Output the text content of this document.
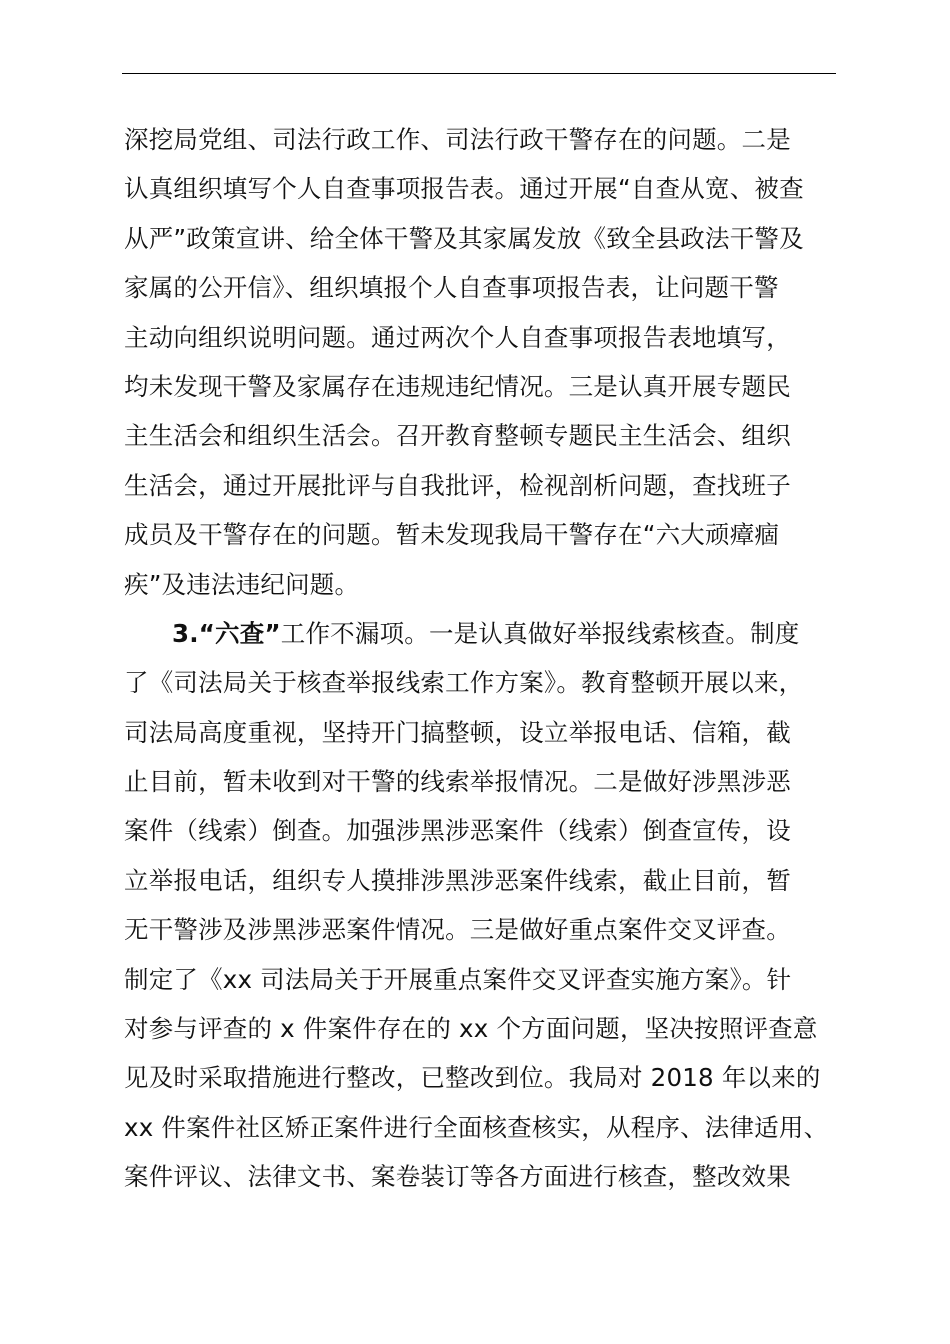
深挖局党组、司法行政工作、司法行政干警存在的问题。二是
认真组织填写个人自查事项报告表。通过开展“自查从宽、被查
从严”政策宣讲、给全体干警及其家属发放《致全县政法干警及
家属的公开信》、组织填报个人自查事项报告表，让问题干警
主动向组织说明问题。通过两次个人自查事项报告表地填写，
均未发现干警及家属存在违规违纪情况。三是认真开展专题民
主生活会和组织生活会。召开教育整顿专题民主生活会、组织
生活会，通过开展批评与自我批评，检视剖析问题，查找班子
成员及干警存在的问题。暂未发现我局干警存在“六大顽瘴痼
疾”及违法违纪问题。
3.“六查”工作不漏项。一是认真做好举报线索核查。制度
了《司法局关于核查举报线索工作方案》。教育整顿开展以来，
司法局高度重视，坚持开门搞整顿，设立举报电话、信箱，截
止目前，暂未收到对干警的线索举报情况。二是做好涉黑涉恶
案件（线索）倒查。加强涉黑涉恶案件（线索）倒查宣传，设
立举报电话，组织专人摸排涉黑涉恶案件线索，截止目前，暂
无干警涉及涉黑涉恶案件情况。三是做好重点案件交叉评查。
制定了《xx 司法局关于开展重点案件交叉评查实施方案》。针
对参与评查的 x 件案件存在的 xx 个方面问题，坚决按照评查意
见及时采取措施进行整改，已整改到位。我局对 2018 年以来的
xx 件案件社区矫正案件进行全面核查核实，从程序、法律适用、
案件评议、法律文书、案卷装订等各方面进行核查，整改效果
